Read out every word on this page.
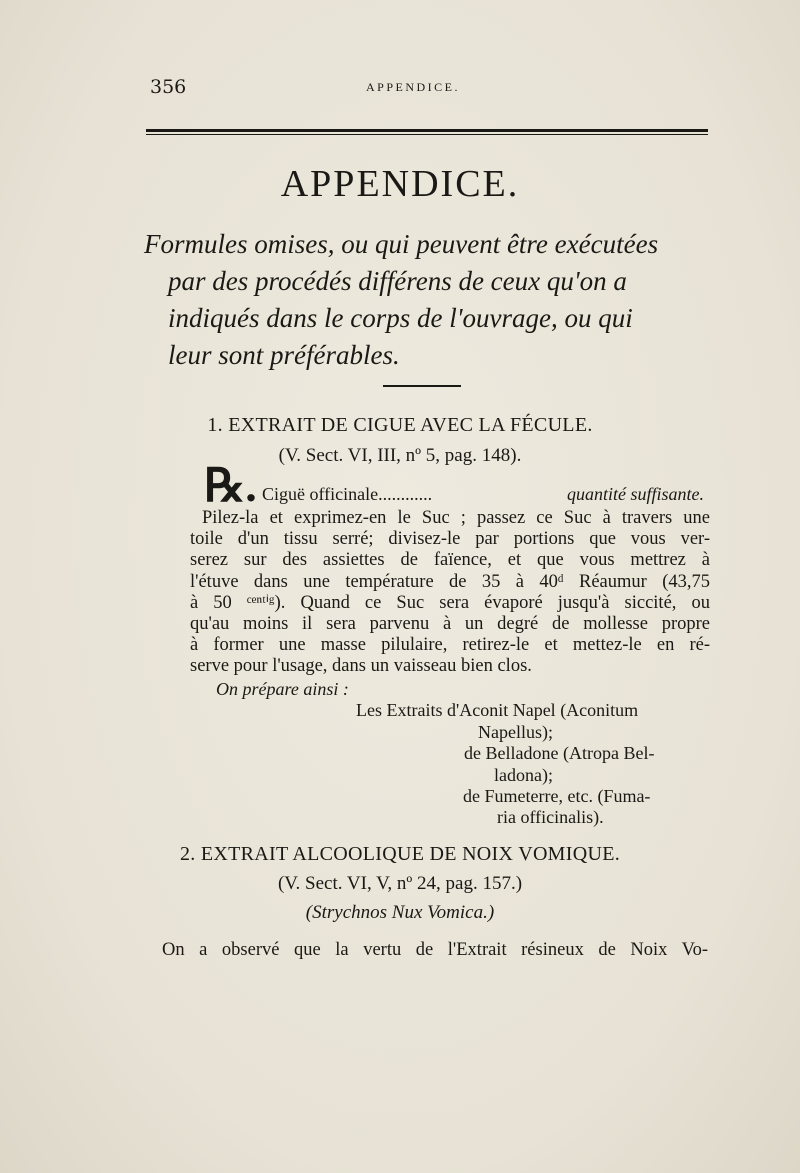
356	APPENDICE.
APPENDICE.

Formules omises, ou qui peuvent être exécutées
par des procédés différens de ceux qu'on a
indiqués dans le corps de l'ouvrage, ou qui
leur sont préférables.

1. EXTRAIT DE CIGUE AVEC LA FÉCULE.
(V. Sect. VI, III, nº 5, pag. 148).
℞. Ciguë officinale............	quantité suffisante.

Pilez-la et exprimez-en le Suc ; passez ce Suc à travers une
toile d'un tissu serré; divisez-le par portions que vous ver-
serez sur des assiettes de faïence, et que vous mettrez à
l'étuve dans une température de 35 à 40ᵈ Réaumur (43,75
à 50 ᶜᵉⁿᵗⁱᵍ). Quand ce Suc sera évaporé jusqu'à siccité, ou
qu'au moins il sera parvenu à un degré de mollesse propre
à former une masse pilulaire, retirez-le et mettez-le en ré-
serve pour l'usage, dans un vaisseau bien clos.

On prépare ainsi :
Les Extraits d'Aconit Napel (Aconitum
Napellus);
de Belladone (Atropa Bel-
ladona);
de Fumeterre, etc. (Fuma-
ria officinalis).
2. EXTRAIT ALCOOLIQUE DE NOIX VOMIQUE.
(V. Sect. VI, V, nº 24, pag. 157.)
(Strychnos Nux Vomica.)
On a observé que la vertu de l'Extrait résineux de Noix Vo-
